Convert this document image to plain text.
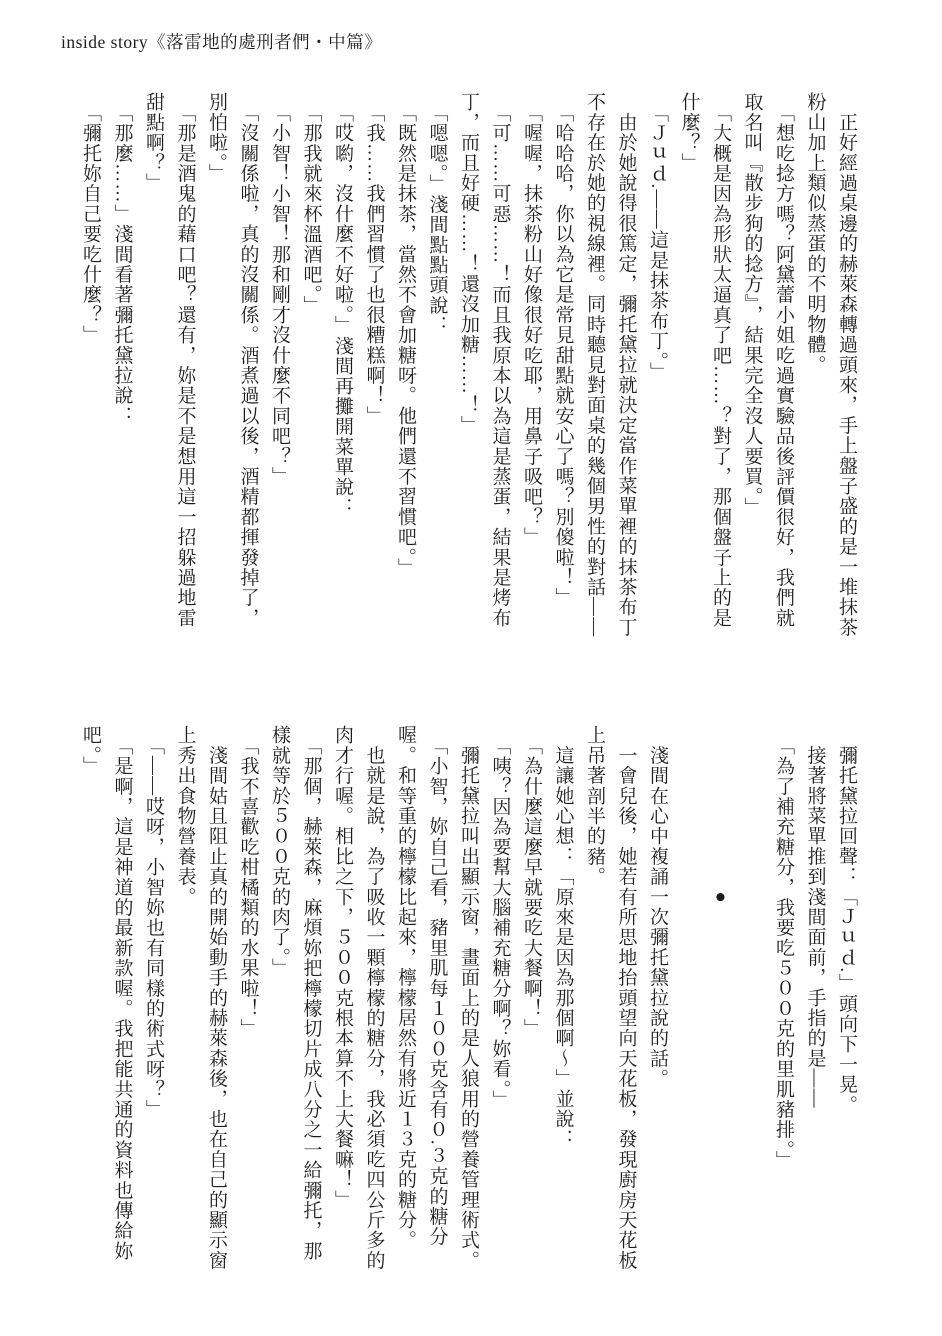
inside story《落雷地的處刑者們・中篇》
　正好經過桌邊的赫萊森轉過頭來，手上盤子盛的是一堆抹茶
粉山加上類似蒸蛋的不明物體。
　「想吃捻方嗎？阿黛蕾小姐吃過實驗品後評價很好，我們就
取名叫『散步狗的捻方』，結果完全沒人要買。」
　「大概是因為形狀太逼真了吧……？對了，那個盤子上的是
什麼？」
　「Ｊｕｄ.——這是抹茶布丁。」
　由於她說得很篤定，彌托黛拉就決定當作菜單裡的抹茶布丁
不存在於她的視線裡。同時聽見對面桌的幾個男性的對話——
　「哈哈哈，你以為它是常見甜點就安心了嗎？別傻啦！」
　「喔喔，抹茶粉山好像很好吃耶，用鼻子吸吧？」
　「可……可惡……！而且我原本以為這是蒸蛋，結果是烤布
丁，而且好硬……！還沒加糖……！」
　「嗯嗯。」淺間點點頭說：
　「既然是抹茶，當然不會加糖呀。他們還不習慣吧。」
　「我……我們習慣了也很糟糕啊！」
　「哎喲，沒什麼不好啦。」淺間再攤開菜單說：
　「那我就來杯溫酒吧。」
　「小智！小智！那和剛才沒什麼不同吧？」
　「沒關係啦，真的沒關係。酒煮過以後，酒精都揮發掉了，
別怕啦。」
　「那是酒鬼的藉口吧？還有，妳是不是想用這一招躲過地雷
甜點啊？」
　「那麼……」淺間看著彌托黛拉說：
　「彌托妳自己要吃什麼？」
　彌托黛拉回聲：「Ｊｕｄ.」頭向下一晃。
　接著將菜單推到淺間面前，手指的是——
　「為了補充糖分，我要吃５００克的里肌豬排。」

　　　　　　　　●

　淺間在心中複誦一次彌托黛拉說的話。
　一會兒後，她若有所思地抬頭望向天花板，發現廚房天花板
上吊著剖半的豬。
　這讓她心想：「原來是因為那個啊～」並說：
　「為什麼這麼早就要吃大餐啊！」
　「咦？因為要幫大腦補充糖分啊？妳看。」
　彌托黛拉叫出顯示窗，畫面上的是人狼用的營養管理術式。
　「小智，妳自己看，豬里肌每１００克含有０.３克的糖分
喔。和等重的檸檬比起來，檸檬居然有將近１３克的糖分。
　也就是說，為了吸收一顆檸檬的糖分，我必須吃四公斤多的
肉才行喔。相比之下，５００克根本算不上大餐嘛！」
　「那個，赫萊森，麻煩妳把檸檬切片成八分之一給彌托，那
樣就等於５００克的肉了。」
　「我不喜歡吃柑橘類的水果啦！」
　淺間姑且阻止真的開始動手的赫萊森後，也在自己的顯示窗
上秀出食物營養表。
　「——哎呀，小智妳也有同樣的術式呀？」
　「是啊，這是神道的最新款喔。我把能共通的資料也傳給妳
吧。」
